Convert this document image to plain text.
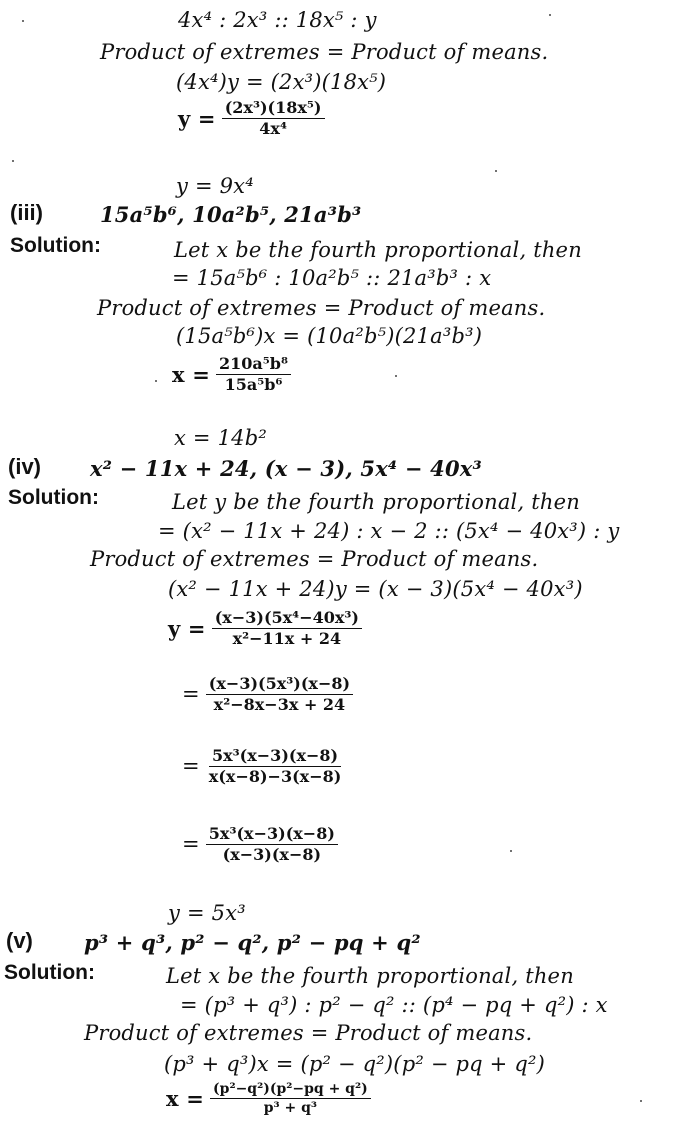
4x⁴ : 2x³ :: 18x⁵ : y
Product of extremes = Product of means.
(4x⁴)y = (2x³)(18x⁵)
$y = \frac{\text{(2x³)(18x⁵)}}{\text{4x⁴}}$
y = 9x⁴
(iii)	15a⁵b⁶, 10a²b⁵, 21a³b³
Solution:	Let x be the fourth proportional, then
= 15a⁵b⁶ : 10a²b⁵ :: 21a³b³ : x
Product of extremes = Product of means.
(15a⁵b⁶)x = (10a²b⁵)(21a³b³)
$x = \frac{\text{210a⁵b⁸}}{\text{15a⁵b⁶}}$
x = 14b²
(iv) x² − 11x + 24, (x − 3), 5x⁴ − 40x³
Solution:	Let y be the fourth proportional, then
= (x² − 11x + 24) : x − 2 :: (5x⁴ − 40x³) : y
Product of extremes = Product of means.
(x² − 11x + 24)y = (x − 3)(5x⁴ − 40x³)
$y = \frac{\text{(x−3)(5x⁴−40x³)}}{\text{x²−11x + 24}}$
= $\frac{\text{(x−3)(5x³)(x−8)}}{\text{x²−8x−3x + 24}}$
= $\frac{\text{5x³(x−3)(x−8)}}{x(x-8)-3(x-8)}$
= $\frac{\text{5x³(x−3)(x−8)}}{(x-3)(x-8)}$
y = 5x³
(v) p³ + q³, p² − q², p² − pq + q²
Solution:	Let x be the fourth proportional, then
= (p³ + q³) : p² − q² :: (p⁴ − pq + q²) : x
Product of extremes = Product of means.
(p³ + q³)x = (p² − q²)(p² − pq + q²)
$x = \frac{\text{(p²−q²)(p²−pq + q²)}}{\text{p³ + q³}}$
